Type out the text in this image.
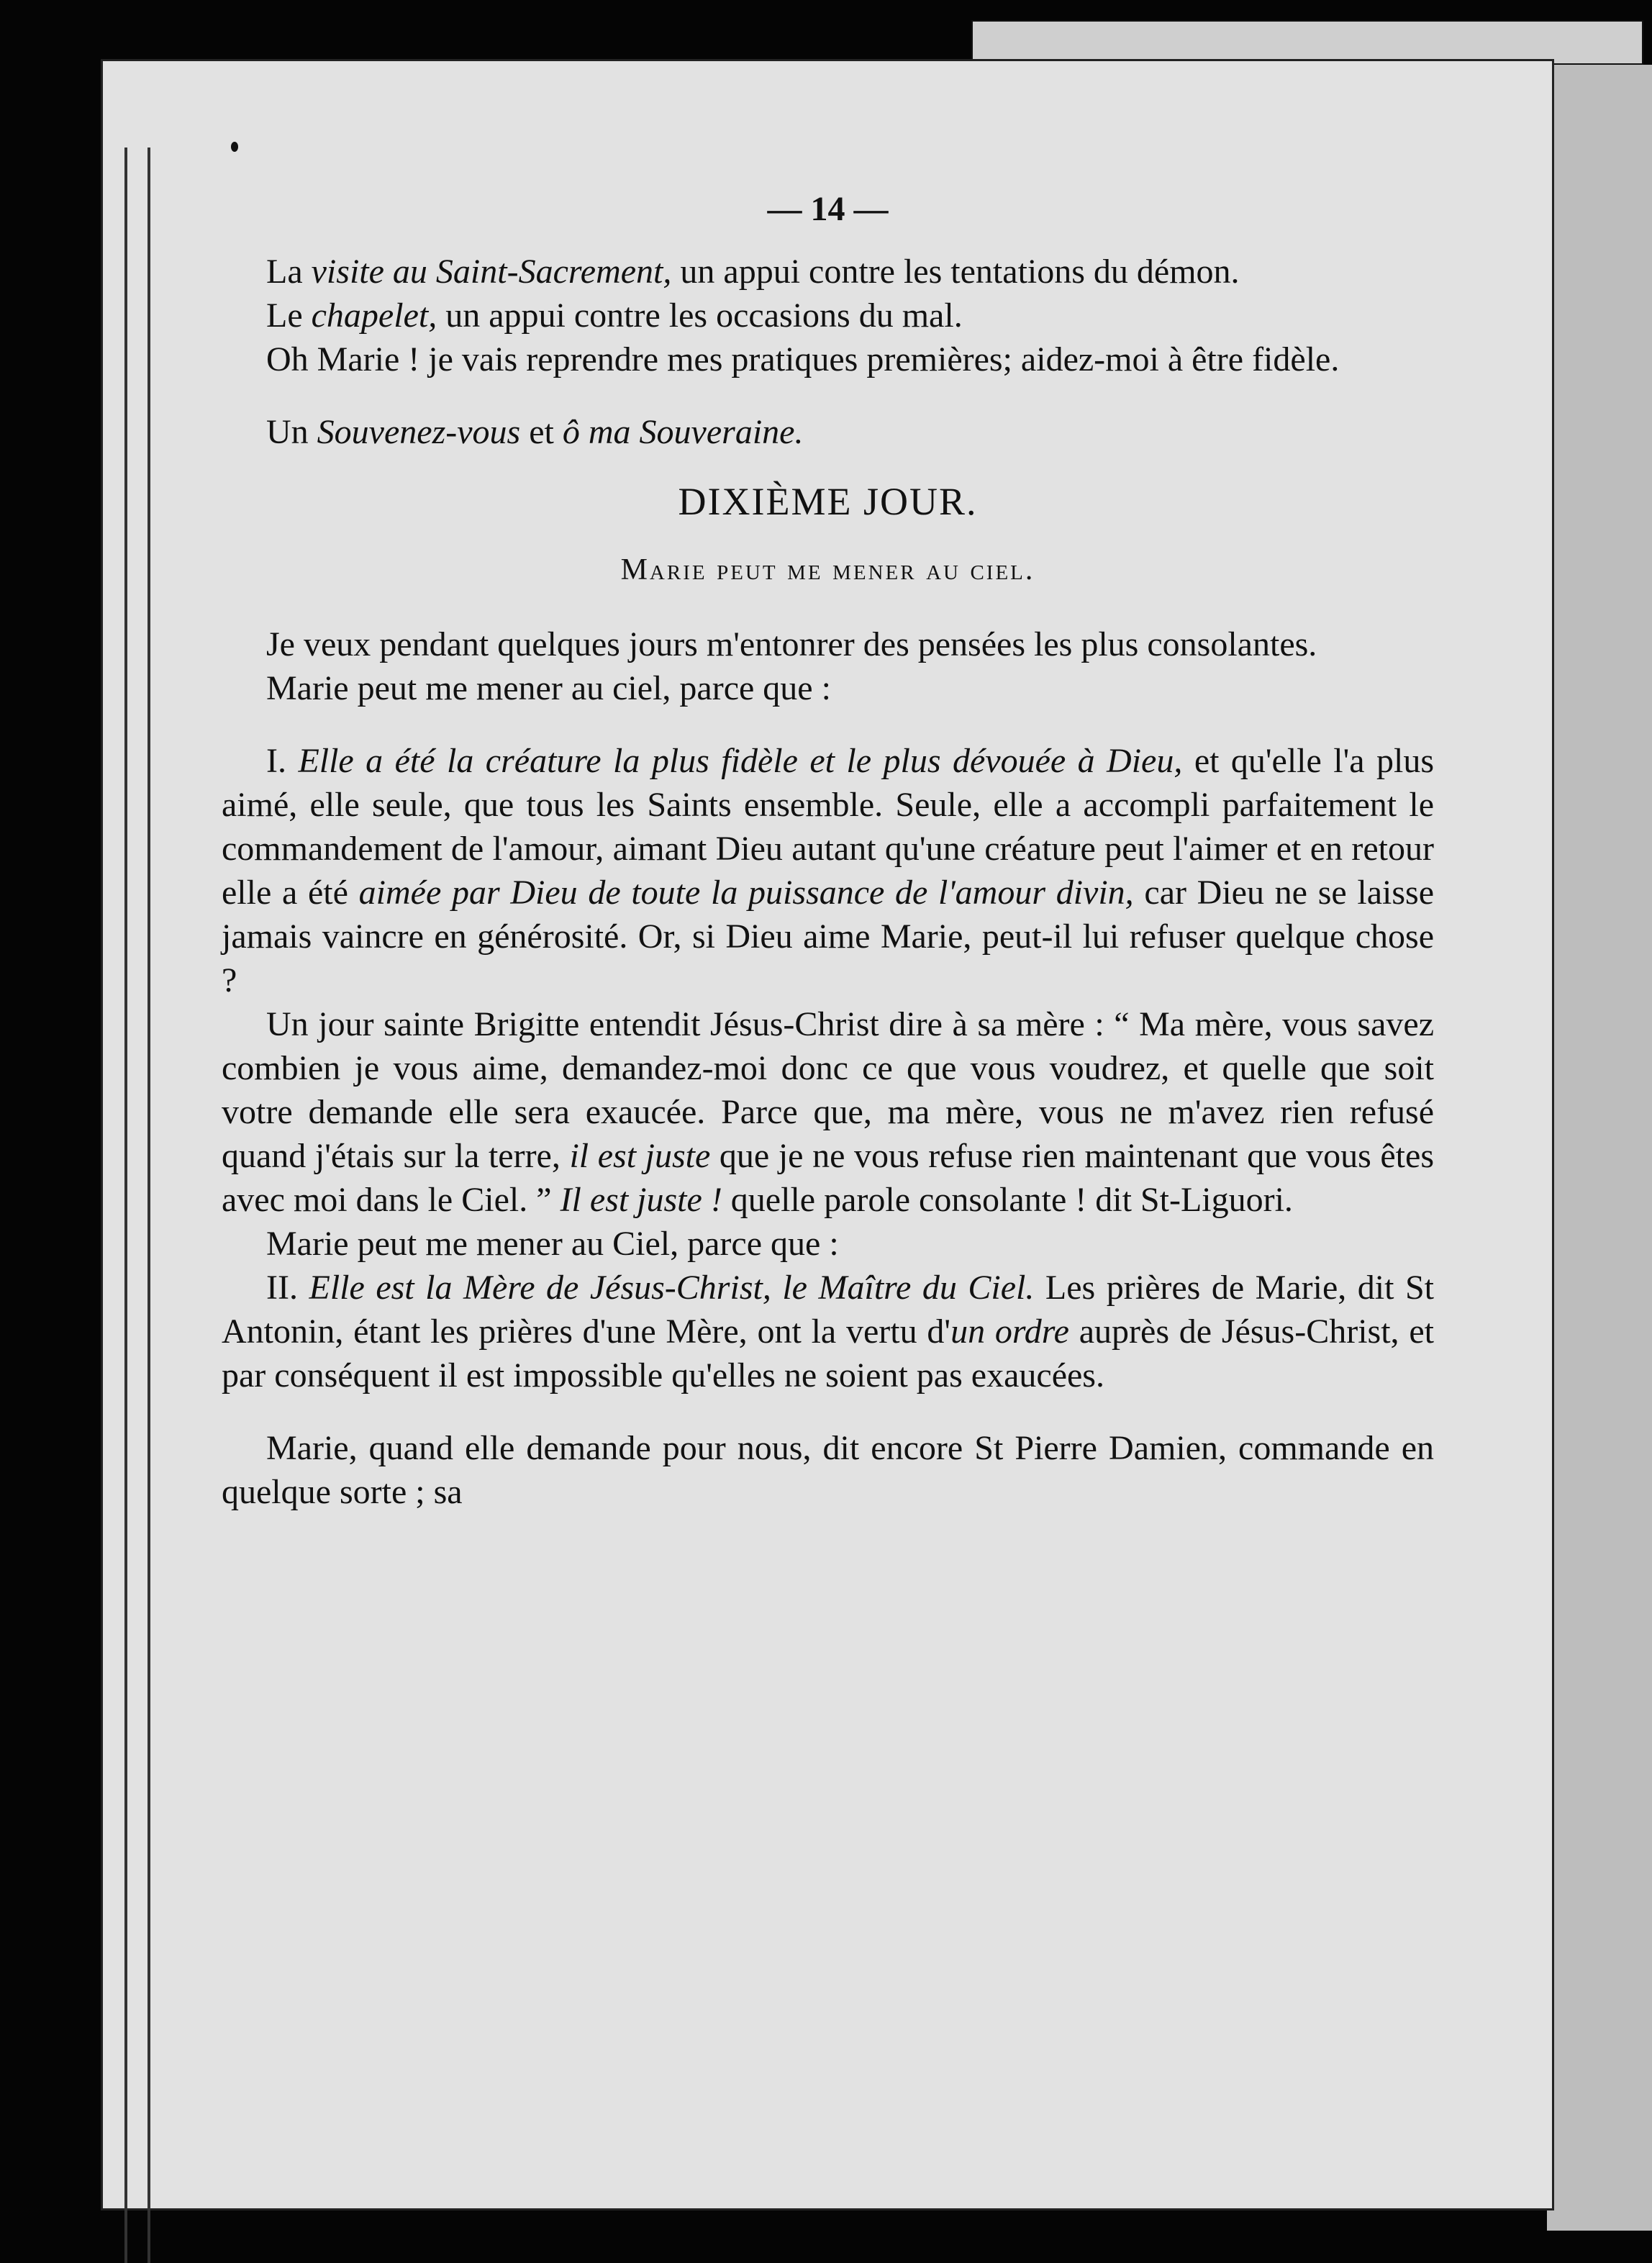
— 14 —

La visite au Saint-Sacrement, un appui contre les tentations du démon.

Le chapelet, un appui contre les occasions du mal.

Oh Marie ! je vais reprendre mes pratiques premières; aidez-moi à être fidèle.

Un Souvenez-vous et ô ma Souveraine.

DIXIÈME JOUR.
Marie peut me mener au ciel.

Je veux pendant quelques jours m'entonrer des pensées les plus consolantes.

Marie peut me mener au ciel, parce que :

I. Elle a été la créature la plus fidèle et le plus dévouée à Dieu, et qu'elle l'a plus aimé, elle seule, que tous les Saints ensemble. Seule, elle a accompli parfaitement le commandement de l'amour, aimant Dieu autant qu'une créature peut l'aimer et en retour elle a été aimée par Dieu de toute la puissance de l'amour divin, car Dieu ne se laisse jamais vaincre en générosité. Or, si Dieu aime Marie, peut-il lui refuser quelque chose ?

Un jour sainte Brigitte entendit Jésus-Christ dire à sa mère : “ Ma mère, vous savez combien je vous aime, demandez-moi donc ce que vous voudrez, et quelle que soit votre demande elle sera exaucée. Parce que, ma mère, vous ne m'avez rien refusé quand j'étais sur la terre, il est juste que je ne vous refuse rien maintenant que vous êtes avec moi dans le Ciel. ” Il est juste ! quelle parole consolante ! dit St-Liguori.

Marie peut me mener au Ciel, parce que :

II. Elle est la Mère de Jésus-Christ, le Maître du Ciel. Les prières de Marie, dit St Antonin, étant les prières d'une Mère, ont la vertu d'un ordre auprès de Jésus-Christ, et par conséquent il est impossible qu'elles ne soient pas exaucées.

Marie, quand elle demande pour nous, dit encore St Pierre Damien, commande en quelque sorte ; sa
